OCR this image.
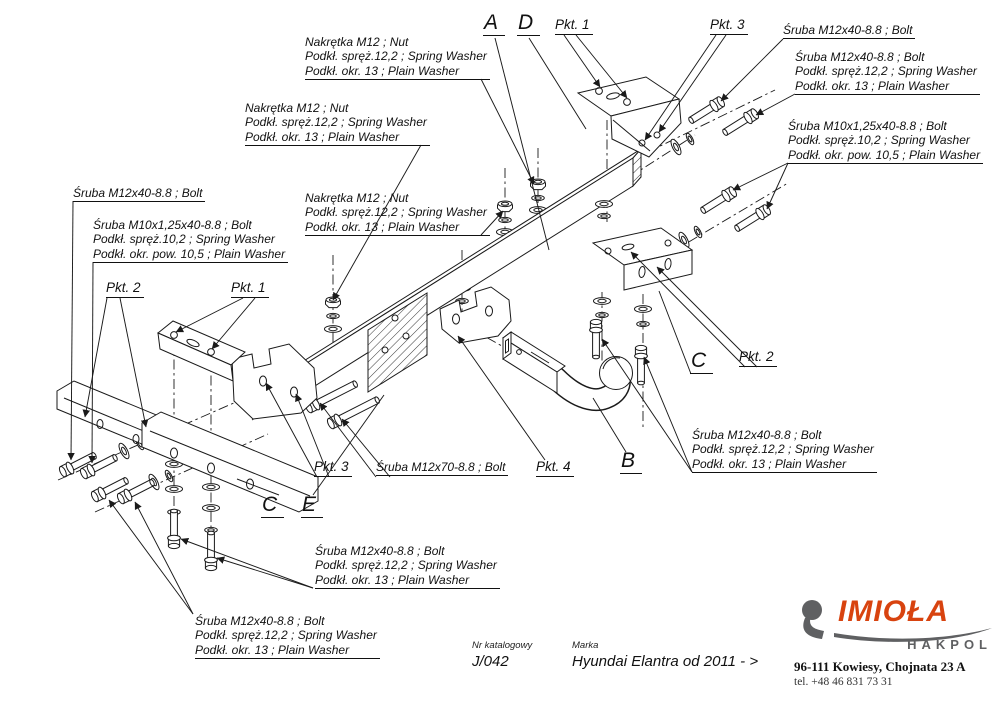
Nakrętka M12 ; Nut
Podkł. spręż.12,2 ; Spring Washer
Podkł. okr. 13 ; Plain Washer
Nakrętka M12 ; Nut
Podkł. spręż.12,2 ; Spring Washer
Podkł. okr. 13 ; Plain Washer
Nakrętka M12 ; Nut
Podkł. spręż.12,2 ; Spring Washer
Podkł. okr. 13 ; Plain Washer
Śruba M12x40-8.8 ; Bolt
Śruba M10x1,25x40-8.8 ; Bolt
Podkł. spręż.10,2 ; Spring Washer
Podkł. okr. pow. 10,5 ; Plain Washer
Pkt. 2	Pkt. 1
A D Pkt. 1	Pkt. 3	Śruba M12x40-8.8 ; Bolt
Śruba M12x40-8.8 ; Bolt
Podkł. spręż.12,2 ; Spring Washer
Podkł. okr. 13 ; Plain Washer
Śruba M10x1,25x40-8.8 ; Bolt
Podkł. spręż.10,2 ; Spring Washer
Podkł. okr. pow. 10,5 ; Plain Washer
C Pkt. 2
Śruba M12x40-8.8 ; Bolt
Podkł. spręż.12,2 ; Spring Washer
Podkł. okr. 13 ; Plain Washer
Pkt. 3 Śruba M12x70-8.8 ; Bolt Pkt. 4 B
C E
Śruba M12x40-8.8 ; Bolt
Podkł. spręż.12,2 ; Spring Washer
Podkł. okr. 13 ; Plain Washer
Śruba M12x40-8.8 ; Bolt
Podkł. spręż.12,2 ; Spring Washer
Podkł. okr. 13 ; Plain Washer	Nr katalogowy
J/042
Marka
Hyundai Elantra od 2011 - >
IMIOŁA
HAKPOL
96-111 Kowiesy, Chojnata 23 A
tel. +48 46 831 73 31
